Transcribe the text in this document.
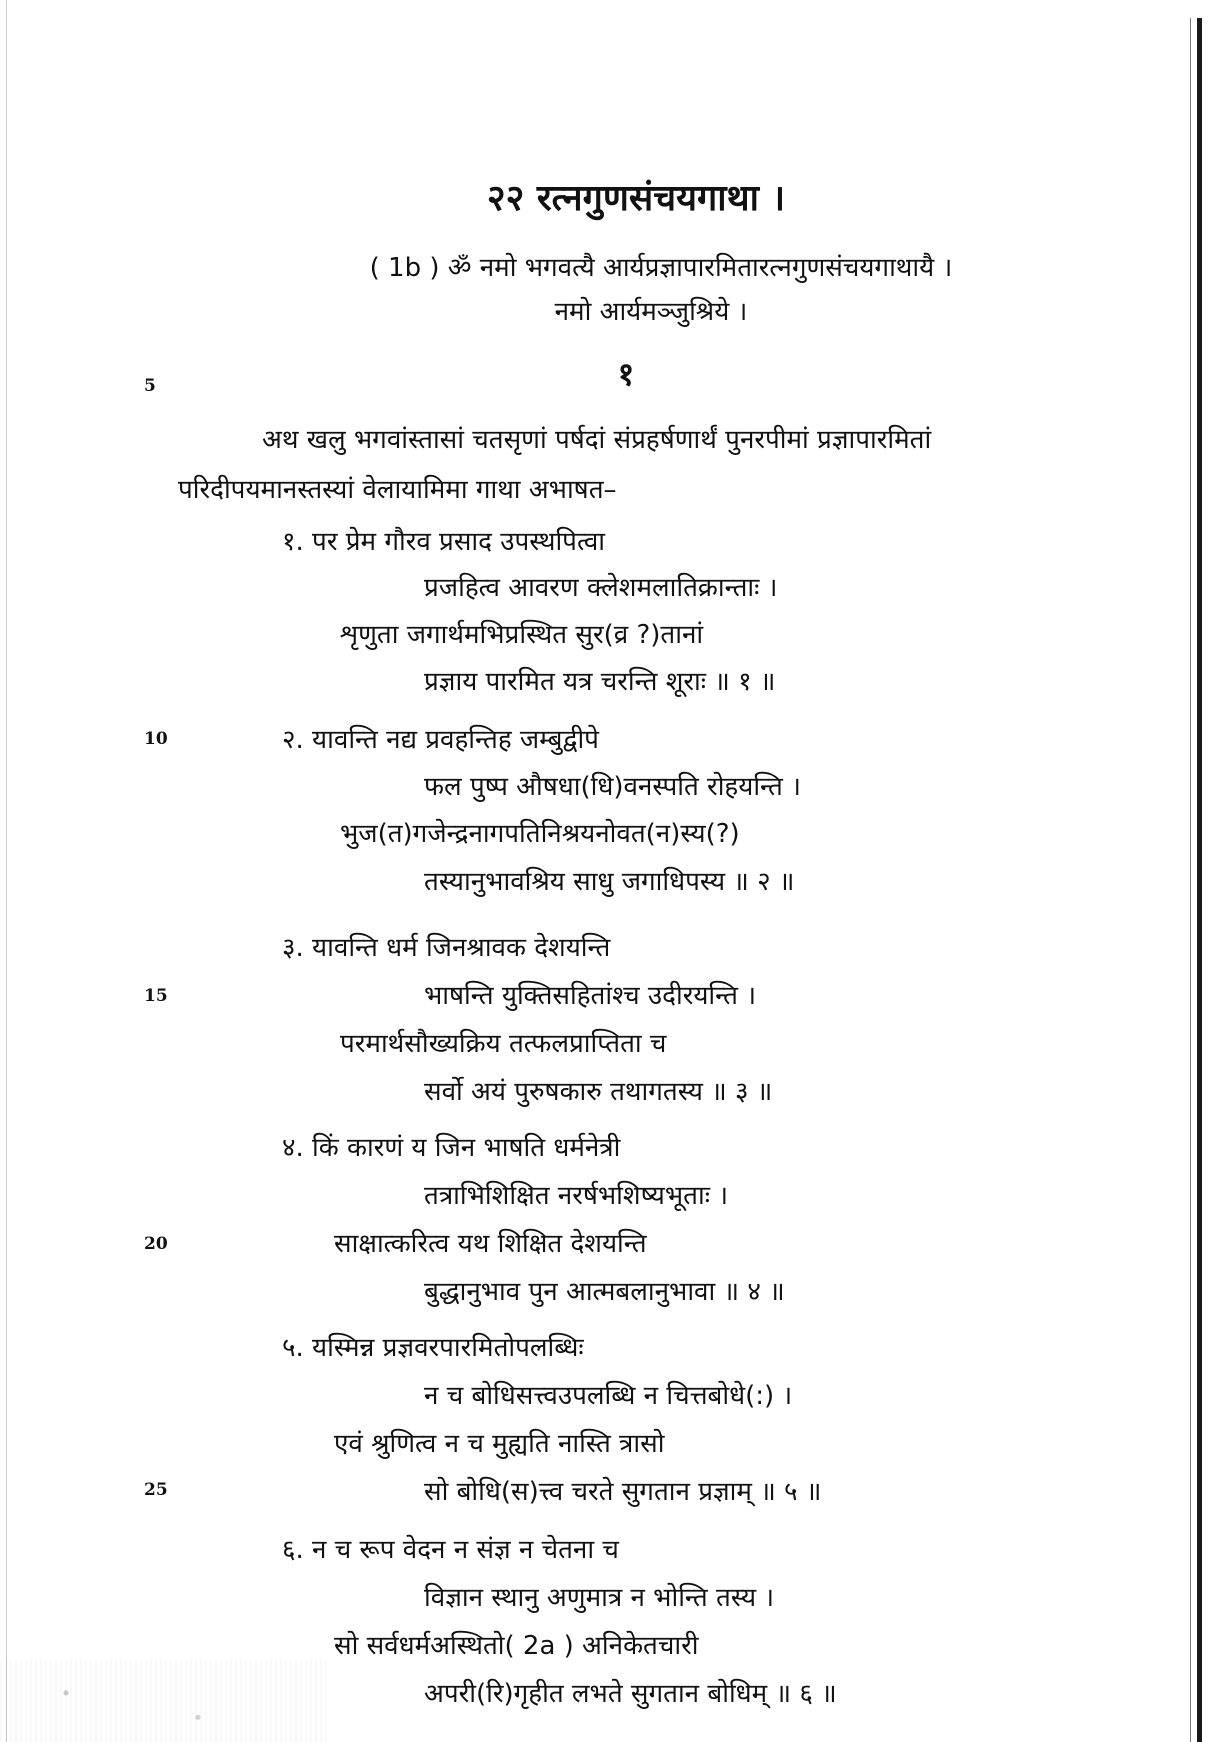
२२ रत्नगुणसंचयगाथा ।
( 1b ) ॐ नमो भगवत्यै आर्यप्रज्ञापारमितारत्नगुणसंचयगाथायै ।
नमो आर्यमञ्जुश्रिये ।
१
5
अथ खलु भगवांस्तासां चतसृणां पर्षदां संप्रहर्षणार्थं पुनरपीमां प्रज्ञापारमितां
परिदीपयमानस्तस्यां वेलायामिमा गाथा अभाषत–
१. पर प्रेम गौरव प्रसाद उपस्थपित्वा
प्रजहित्व आवरण क्लेशमलातिक्रान्ताः ।
शृणुता जगार्थमभिप्रस्थित सुर(व्र ?)तानां
प्रज्ञाय पारमित यत्र चरन्ति शूराः ॥ १ ॥
10	२. यावन्ति नद्य प्रवहन्तिह जम्बुद्वीपे
फल पुष्प औषधा(धि)वनस्पति रोहयन्ति ।
भुज(त)गजेन्द्रनागपतिनिश्रयनोवत(न)स्य(?)
तस्यानुभावश्रिय साधु जगाधिपस्य ॥ २ ॥
३. यावन्ति धर्म जिनश्रावक देशयन्ति
15	भाषन्ति युक्तिसहितांश्च उदीरयन्ति ।
परमार्थसौख्यक्रिय तत्फलप्राप्तिता च
सर्वो अयं पुरुषकारु तथागतस्य ॥ ३ ॥
४. किं कारणं य जिन भाषति धर्मनेत्री
तत्राभिशिक्षित नरर्षभशिष्यभूताः ।
20	साक्षात्करित्व यथ शिक्षित देशयन्ति
बुद्धानुभाव पुन आत्मबलानुभावा ॥ ४ ॥
५. यस्मिन्न प्रज्ञवरपारमितोपलब्धिः
न च बोधिसत्त्वउपलब्धि न चित्तबोधे(:) ।
एवं श्रुणित्व न च मुह्यति नास्ति त्रासो
25	सो बोधि(स)त्त्व चरते सुगतान प्रज्ञाम् ॥ ५ ॥
६. न च रूप वेदन न संज्ञ न चेतना च
विज्ञान स्थानु अणुमात्र न भोन्ति तस्य ।
सो सर्वधर्मअस्थितो( 2a ) अनिकेतचारी
अपरी(रि)गृहीत लभते सुगतान बोधिम् ॥ ६ ॥
